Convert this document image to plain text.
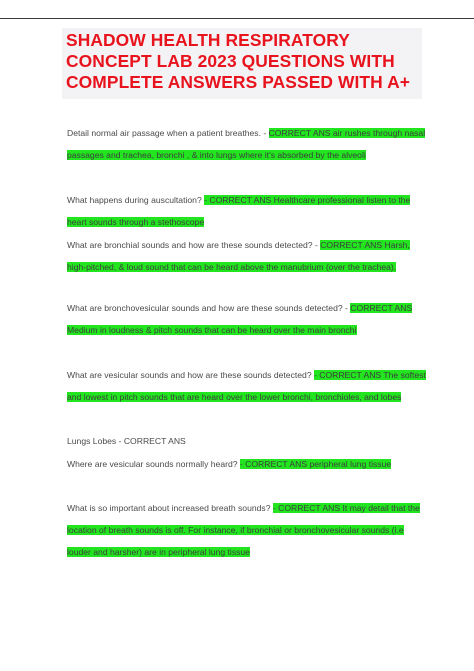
SHADOW HEALTH RESPIRATORY CONCEPT LAB 2023 QUESTIONS WITH COMPLETE ANSWERS PASSED WITH A+
Detail normal air passage when a patient breathes. - CORRECT ANS air rushes through nasal passages and trachea, bronchi , & into lungs where it's absorbed by the alveoli
What happens during auscultation? - CORRECT ANS Healthcare professional listen to the heart sounds through a stethoscope
What are bronchial sounds and how are these sounds detected? - CORRECT ANS Harsh, high-pitched, & loud sound that can be heard above the manubrium (over the trachea).
What are bronchovesicular sounds and how are these sounds detected? - CORRECT ANS Medium in loudness & pitch sounds that can be heard over the main bronchi
What are vesicular sounds and how are these sounds detected? - CORRECT ANS The softest and lowest in pitch sounds that are heard over the lower bronchi, bronchioles, and lobes
Lungs Lobes - CORRECT ANS
Where are vesicular sounds normally heard? - CORRECT ANS peripheral lung tissue
What is so important about increased breath sounds? - CORRECT ANS It may detail that the location of breath sounds is off. For instance, if bronchial or bronchovesicular sounds (i.e louder and harsher) are in peripheral lung tissue
